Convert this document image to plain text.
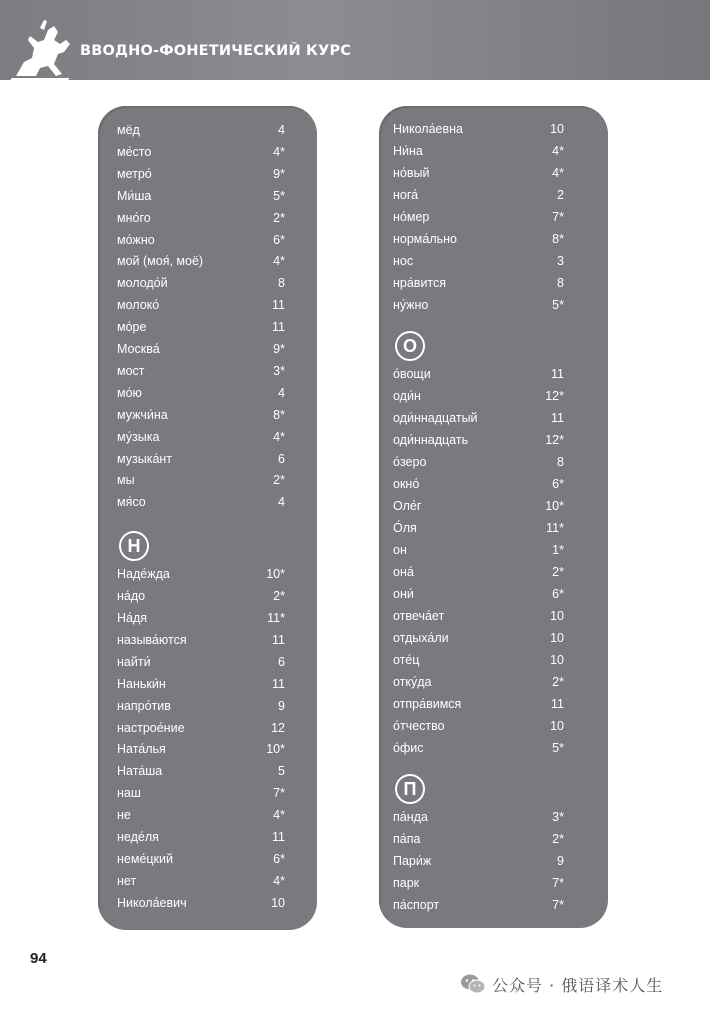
ВВОДНО-ФОНЕТИЧЕСКИЙ КУРС
мёд	4
ме́сто	4*
метро́	9*
Ми́ша	5*
мно́го	2*
мо́жно	6*
мой (моя́, моё)	4*
молодо́й	8
молоко́	11
мо́ре	11
Москва́	9*
мост	3*
мо́ю	4
мужчи́на	8*
му́зыка	4*
музыка́нт	6
мы	2*
мя́со	4
Н
Наде́жда	10*
на́до	2*
На́дя	11*
называ́ются	11
найти́	6
Наньки́н	11
напро́тив	9
настрое́ние	12
Ната́лья	10*
Ната́ша	5
наш	7*
не	4*
неде́ля	11
неме́цкий	6*
нет	4*
Никола́евич	10
Никола́евна	10
Ни́на	4*
но́вый	4*
нога́	2
но́мер	7*
норма́льно	8*
нос	3
нра́вится	8
ну́жно	5*
О
о́вощи	11
оди́н	12*
оди́ннадцатый	11
оди́ннадцать	12*
о́зеро	8
окно́	6*
Оле́г	10*
О́ля	11*
он	1*
она́	2*
они́	6*
отвеча́ет	10
отдыха́ли	10
оте́ц	10
отку́да	2*
отпра́вимся	11
о́тчество	10
о́фис	5*
П
па́нда	3*
па́па	2*
Пари́ж	9
парк	7*
па́спорт	7*
94
公众号 · 俄语译术人生
